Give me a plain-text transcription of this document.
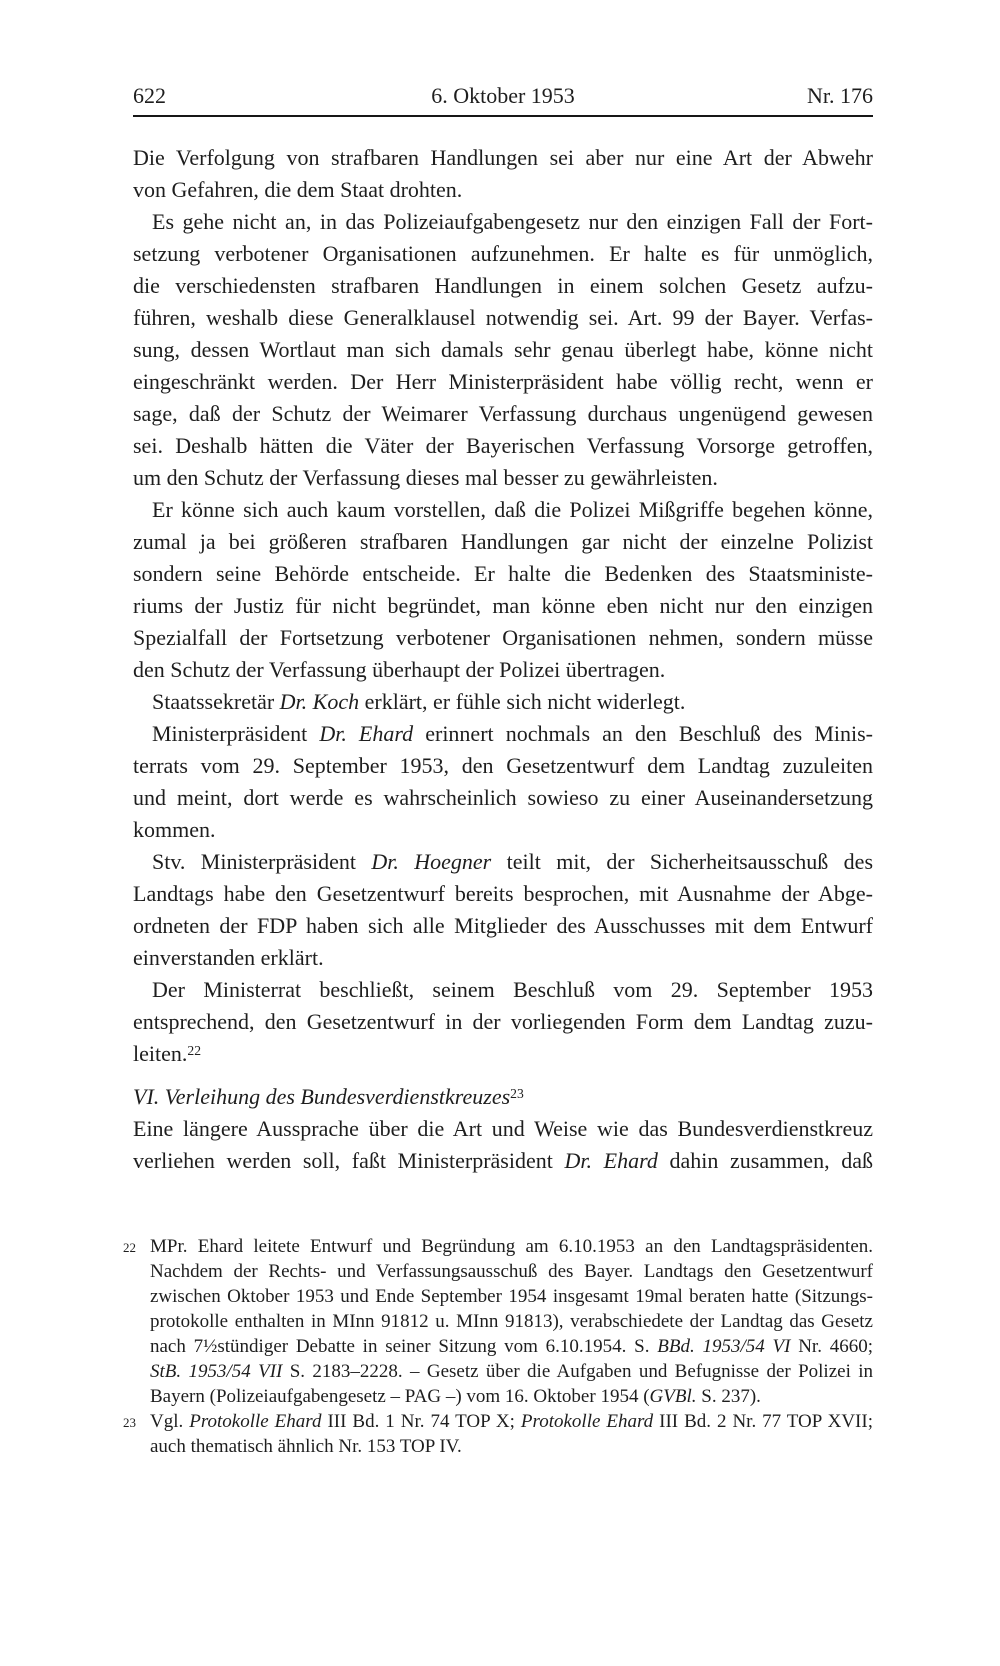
622	6. Oktober 1953	Nr. 176
Die Verfolgung von strafbaren Handlungen sei aber nur eine Art der Abwehr
von Gefahren, die dem Staat drohten.
Es gehe nicht an, in das Polizeiaufgabengesetz nur den einzigen Fall der Fort-
setzung verbotener Organisationen aufzunehmen. Er halte es für unmöglich,
die verschiedensten strafbaren Handlungen in einem solchen Gesetz aufzu-
führen, weshalb diese Generalklausel notwendig sei. Art. 99 der Bayer. Verfas-
sung, dessen Wortlaut man sich damals sehr genau überlegt habe, könne nicht
eingeschränkt werden. Der Herr Ministerpräsident habe völlig recht, wenn er
sage, daß der Schutz der Weimarer Verfassung durchaus ungenügend gewesen
sei. Deshalb hätten die Väter der Bayerischen Verfassung Vorsorge getroffen,
um den Schutz der Verfassung dieses mal besser zu gewährleisten.
Er könne sich auch kaum vorstellen, daß die Polizei Mißgriffe begehen könne,
zumal ja bei größeren strafbaren Handlungen gar nicht der einzelne Polizist
sondern seine Behörde entscheide. Er halte die Bedenken des Staatsministe-
riums der Justiz für nicht begründet, man könne eben nicht nur den einzigen
Spezialfall der Fortsetzung verbotener Organisationen nehmen, sondern müsse
den Schutz der Verfassung überhaupt der Polizei übertragen.
Staatssekretär Dr. Koch erklärt, er fühle sich nicht widerlegt.
Ministerpräsident Dr. Ehard erinnert nochmals an den Beschluß des Minis-
terrats vom 29. September 1953, den Gesetzentwurf dem Landtag zuzuleiten
und meint, dort werde es wahrscheinlich sowieso zu einer Auseinandersetzung
kommen.
Stv. Ministerpräsident Dr. Hoegner teilt mit, der Sicherheitsausschuß des
Landtags habe den Gesetzentwurf bereits besprochen, mit Ausnahme der Abge-
ordneten der FDP haben sich alle Mitglieder des Ausschusses mit dem Entwurf
einverstanden erklärt.
Der Ministerrat beschließt, seinem Beschluß vom 29. September 1953
entsprechend, den Gesetzentwurf in der vorliegenden Form dem Landtag zuzu-
leiten.$^{22}$
VI. Verleihung des Bundesverdienstkreuzes$^{23}$
Eine längere Aussprache über die Art und Weise wie das Bundesverdienstkreuz
verliehen werden soll, faßt Ministerpräsident Dr. Ehard dahin zusammen, daß
22 MPr. Ehard leitete Entwurf und Begründung am 6.10.1953 an den Landtagspräsidenten.
Nachdem der Rechts- und Verfassungsausschuß des Bayer. Landtags den Gesetzentwurf
zwischen Oktober 1953 und Ende September 1954 insgesamt 19mal beraten hatte (Sitzungs-
protokolle enthalten in MInn 91812 u. MInn 91813), verabschiedete der Landtag das Gesetz
nach 7½stündiger Debatte in seiner Sitzung vom 6.10.1954. S. BBd. 1953/54 VI Nr. 4660;
StB. 1953/54 VII S. 2183–2228. – Gesetz über die Aufgaben und Befugnisse der Polizei in
Bayern (Polizeiaufgabengesetz – PAG –) vom 16. Oktober 1954 (GVBl. S. 237).
23 Vgl. Protokolle Ehard III Bd. 1 Nr. 74 TOP X; Protokolle Ehard III Bd. 2 Nr. 77 TOP XVII;
auch thematisch ähnlich Nr. 153 TOP IV.
